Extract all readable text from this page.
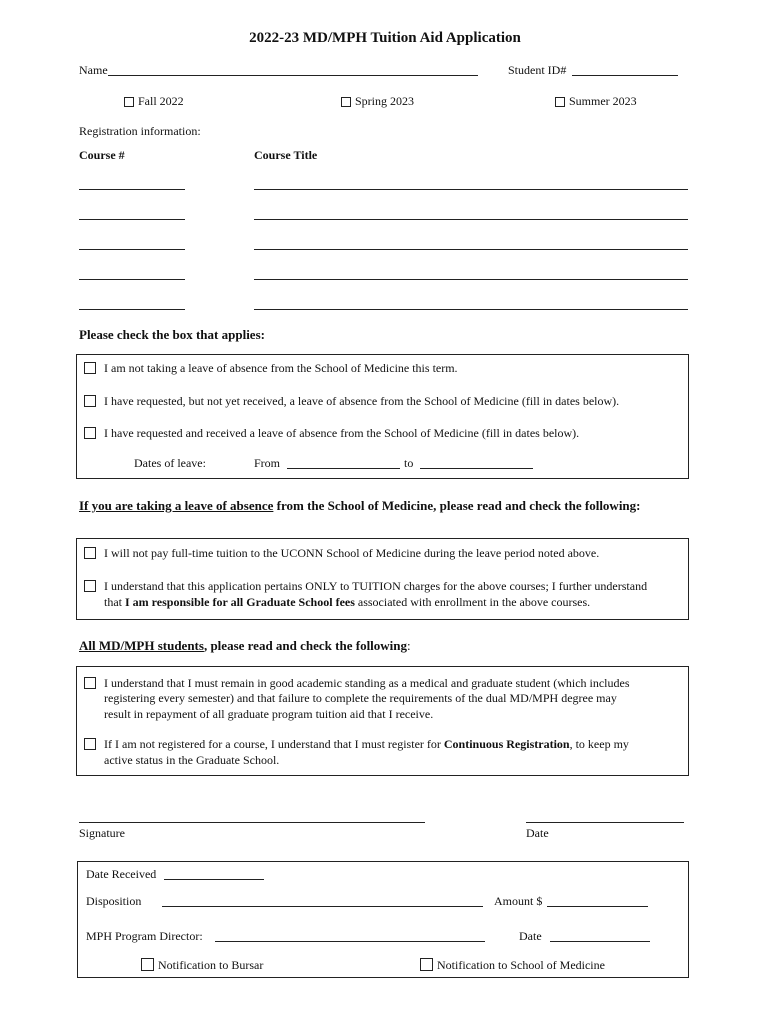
2022-23 MD/MPH Tuition Aid Application
Name	Student ID#
Fall 2022	Spring 2023	Summer 2023
Registration information:
Course #	Course Title
Please check the box that applies:
I am not taking a leave of absence from the School of Medicine this term.
I have requested, but not yet received, a leave of absence from the School of Medicine (fill in dates below).
I have requested and received a leave of absence from the School of Medicine (fill in dates below).
Dates of leave:	From	to
If you are taking a leave of absence from the School of Medicine, please read and check the following:
I will not pay full-time tuition to the UCONN School of Medicine during the leave period noted above.
I understand that this application pertains ONLY to TUITION charges for the above courses; I further understand
that I am responsible for all Graduate School fees associated with enrollment in the above courses.
All MD/MPH students, please read and check the following:
I understand that I must remain in good academic standing as a medical and graduate student (which includes
registering every semester) and that failure to complete the requirements of the dual MD/MPH degree may
result in repayment of all graduate program tuition aid that I receive.
If I am not registered for a course, I understand that I must register for Continuous Registration, to keep my
active status in the Graduate School.
Signature	Date
Date Received
Disposition	Amount $
MPH Program Director:	Date
Notification to Bursar	Notification to School of Medicine
